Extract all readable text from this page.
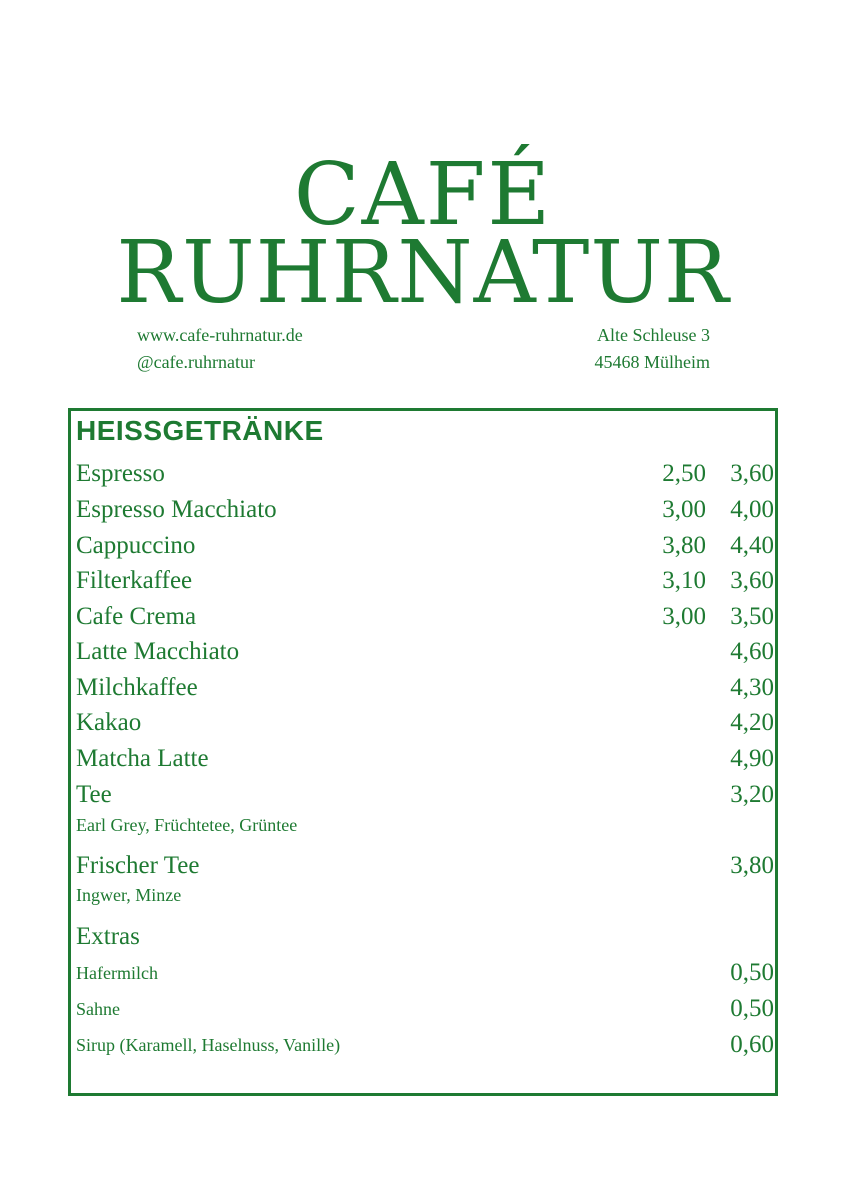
CAFÉ
RUHRNATUR
www.cafe-ruhrnatur.de
@cafe.ruhrnatur
Alte Schleuse 3
45468 Mülheim
HEISSGETRÄNKE
Espresso	2,50 3,60
Espresso Macchiato	3,00 4,00
Cappuccino	3,80 4,40
Filterkaffee	3,10 3,60
Cafe Crema	3,00 3,50
Latte Macchiato	4,60
Milchkaffee	4,30
Kakao	4,20
Matcha Latte	4,90
Tee	3,20
Earl Grey, Früchtetee, Grüntee
Frischer Tee	3,80
Ingwer, Minze
Extras
Hafermilch	0,50
Sahne	0,50
Sirup (Karamell, Haselnuss, Vanille)	0,60
